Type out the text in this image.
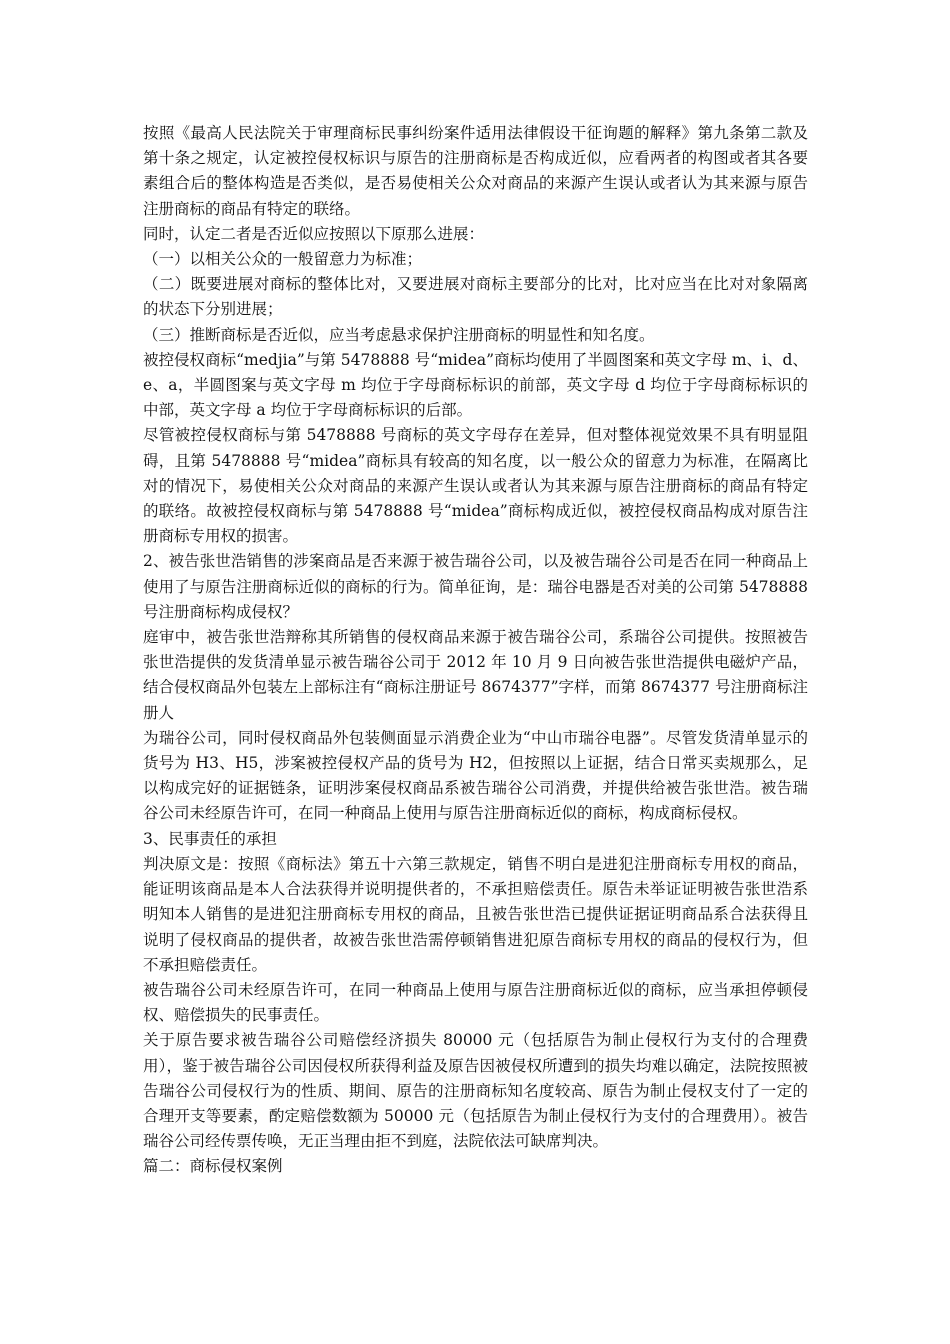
按照《最高人民法院关于审理商标民事纠纷案件适用法律假设干征询题的解释》第九条第二款及第十条之规定，认定被控侵权标识与原告的注册商标是否构成近似，应看两者的构图或者其各要素组合后的整体构造是否类似，是否易使相关公众对商品的来源产生误认或者认为其来源与原告注册商标的商品有特定的联络。

同时，认定二者是否近似应按照以下原那么进展：

（一）以相关公众的一般留意力为标准；

（二）既要进展对商标的整体比对，又要进展对商标主要部分的比对，比对应当在比对对象隔离的状态下分别进展；

（三）推断商标是否近似，应当考虑悬求保护注册商标的明显性和知名度。

被控侵权商标“medjia”与第 5478888 号“midea”商标均使用了半圆图案和英文字母 m、i、d、e、a，半圆图案与英文字母 m 均位于字母商标标识的前部，英文字母 d 均位于字母商标标识的中部，英文字母 a 均位于字母商标标识的后部。

尽管被控侵权商标与第 5478888 号商标的英文字母存在差异，但对整体视觉效果不具有明显阻碍，且第 5478888 号“midea”商标具有较高的知名度，以一般公众的留意力为标准，在隔离比对的情况下，易使相关公众对商品的来源产生误认或者认为其来源与原告注册商标的商品有特定的联络。故被控侵权商标与第 5478888 号“midea”商标构成近似，被控侵权商品构成对原告注册商标专用权的损害。

2、被告张世浩销售的涉案商品是否来源于被告瑞谷公司，以及被告瑞谷公司是否在同一种商品上使用了与原告注册商标近似的商标的行为。简单征询，是：瑞谷电器是否对美的公司第 5478888 号注册商标构成侵权？

庭审中，被告张世浩辩称其所销售的侵权商品来源于被告瑞谷公司，系瑞谷公司提供。按照被告张世浩提供的发货清单显示被告瑞谷公司于 2012 年 10 月 9 日向被告张世浩提供电磁炉产品，结合侵权商品外包装左上部标注有“商标注册证号 8674377”字样，而第 8674377 号注册商标注册人

为瑞谷公司，同时侵权商品外包装侧面显示消费企业为“中山市瑞谷电器”。尽管发货清单显示的货号为 H3、H5，涉案被控侵权产品的货号为 H2，但按照以上证据，结合日常买卖规那么，足以构成完好的证据链条，证明涉案侵权商品系被告瑞谷公司消费，并提供给被告张世浩。被告瑞谷公司未经原告许可，在同一种商品上使用与原告注册商标近似的商标，构成商标侵权。

3、民事责任的承担

判决原文是：按照《商标法》第五十六第三款规定，销售不明白是进犯注册商标专用权的商品，能证明该商品是本人合法获得并说明提供者的，不承担赔偿责任。原告未举证证明被告张世浩系明知本人销售的是进犯注册商标专用权的商品，且被告张世浩已提供证据证明商品系合法获得且说明了侵权商品的提供者，故被告张世浩需停顿销售进犯原告商标专用权的商品的侵权行为，但不承担赔偿责任。

被告瑞谷公司未经原告许可，在同一种商品上使用与原告注册商标近似的商标，应当承担停顿侵权、赔偿损失的民事责任。

关于原告要求被告瑞谷公司赔偿经济损失 80000 元（包括原告为制止侵权行为支付的合理费用），鉴于被告瑞谷公司因侵权所获得利益及原告因被侵权所遭到的损失均难以确定，法院按照被告瑞谷公司侵权行为的性质、期间、原告的注册商标知名度较高、原告为制止侵权支付了一定的合理开支等要素，酌定赔偿数额为 50000 元（包括原告为制止侵权行为支付的合理费用）。被告瑞谷公司经传票传唤，无正当理由拒不到庭，法院依法可缺席判决。

篇二：商标侵权案例
